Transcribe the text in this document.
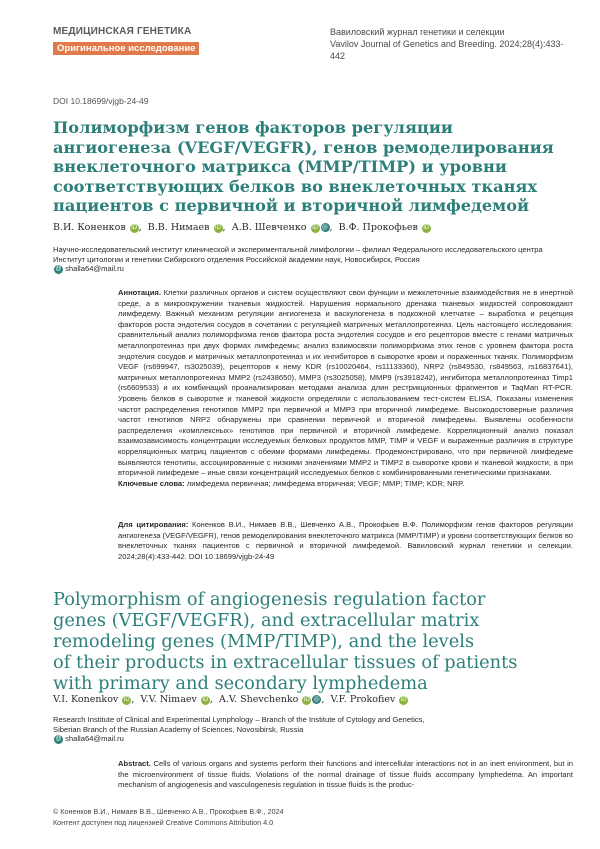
МЕДИЦИНСКАЯ ГЕНЕТИКА
Оригинальное исследование
Вавиловский журнал генетики и селекции
Vavilov Journal of Genetics and Breeding. 2024;28(4):433-442
DOI 10.18699/vjgb-24-49
Полиморфизм генов факторов регуляции
ангиогенеза (VEGF/VEGFR), генов ремоделирования
внеклеточного матрикса (MMP/TIMP) и уровни
соответствующих белков во внеклеточных тканях
пациентов с первичной и вторичной лимфедемой
В.И. Коненков iD ,  В.В. Нимаев iD ,  А.В. Шевченко iD @ ,  В.Ф. Прокофьев iD
Научно-исследовательский институт клинической и экспериментальной лимфологии – филиал Федерального исследовательского центра Институт цитологии и генетики Сибирского отделения Российской академии наук, Новосибирск, Россия
@ shalla64@mail.ru
Аннотация. Клетки различных органов и систем осуществляют свои функции и межклеточные взаимодействия не в инертной среде, а в микроокружении тканевых жидкостей. Нарушения нормального дренажа тканевых жидкостей сопровождают лимфедему. Важный механизм регуляции ангиогенеза и васкулогенеза в подкожной клетчатке – выработка и рецепция факторов роста эндотелия сосудов в сочетании с регуляцией матричных металлопротеиназ. Цель настоящего исследования: сравнительный анализ полиморфизма генов фактора роста эндотелия сосудов и его рецепторов вместе с генами матричных металлопротеиназ при двух формах лимфедемы; анализ взаимосвязи полиморфизма этих генов с уровнем фактора роста эндотелия сосудов и матричных металлопротеиназ и их ингибиторов в сыворотке крови и пораженных тканях. Полиморфизм VEGF (rs699947, rs3025039), рецепторов к нему KDR (rs10020464, rs11133360), NRP2 (rs849530, rs849563, rs16837641), матричных металлопротеиназ MMP2 (rs2438650), MMP3 (rs3025058), MMP9 (rs3918242), ингибитора металлопротеиназ Timp1 (rs6609533) и их комбинаций проанализирован методами анализа длин рестрикционных фрагментов и TaqMan RT-PCR. Уровень белков в сыворотке и тканевой жидкости определяли с использованием тест-систем ELISA. Показаны изменения частот распределения генотипов MMP2 при первичной и MMP3 при вторичной лимфедеме. Высокодостоверные различия частот генотипов NRP2 обнаружены при сравнении первичной и вторичной лимфедемы. Выявлены особенности распределения «комплексных» генотипов при первичной и вторичной лимфедеме. Корреляционный анализ показал взаимозависимость концентрации исследуемых белковых продуктов MMP, TIMP и VEGF и выраженные различия в структуре корреляционных матриц пациентов с обеими формами лимфедемы. Продемонстрировано, что при первичной лимфедеме выявляются генотипы, ассоциированные с низкими значениями MMP2 и TIMP2 в сыворотке крови и тканевой жидкости, а при вторичной лимфедеме – иные связи концентраций исследуемых белков с комбинированными генетическими признаками.
Ключевые слова: лимфедема первичная; лимфедема вторичная; VEGF; MMP; TIMP; KDR; NRP.
Для цитирования: Коненков В.И., Нимаев В.В., Шевченко А.В., Прокофьев В.Ф. Полиморфизм генов факторов регуляции ангиогенеза (VEGF/VEGFR), генов ремоделирования внеклеточного матрикса (MMP/TIMP) и уровни соответствующих белков во внеклеточных тканях пациентов с первичной и вторичной лимфедемой. Вавиловский журнал генетики и селекции. 2024;28(4):433-442. DOI 10.18699/vjgb-24-49
Polymorphism of angiogenesis regulation factor
genes (VEGF/VEGFR), and extracellular matrix
remodeling genes (MMP/TIMP), and the levels
of their products in extracellular tissues of patients
with primary and secondary lymphedema
V.I. Konenkov iD ,  V.V. Nimaev iD ,  A.V. Shevchenko iD @ ,  V.F. Prokofiev iD
Research Institute of Clinical and Experimental Lymphology – Branch of the Institute of Cytology and Genetics,
Siberian Branch of the Russian Academy of Sciences, Novosibirsk, Russia
@ shalla64@mail.ru
Abstract. Cells of various organs and systems perform their functions and intercellular interactions not in an inert environment, but in the microenvironment of tissue fluids. Violations of the normal drainage of tissue fluids accompany lymphedema. An important mechanism of angiogenesis and vasculogenesis regulation in tissue fluids is the produc-
© Коненков В.И., Нимаев В.В., Шевченко А.В., Прокофьев В.Ф., 2024
Контент доступен под лицензией Creative Commons Attribution 4.0
